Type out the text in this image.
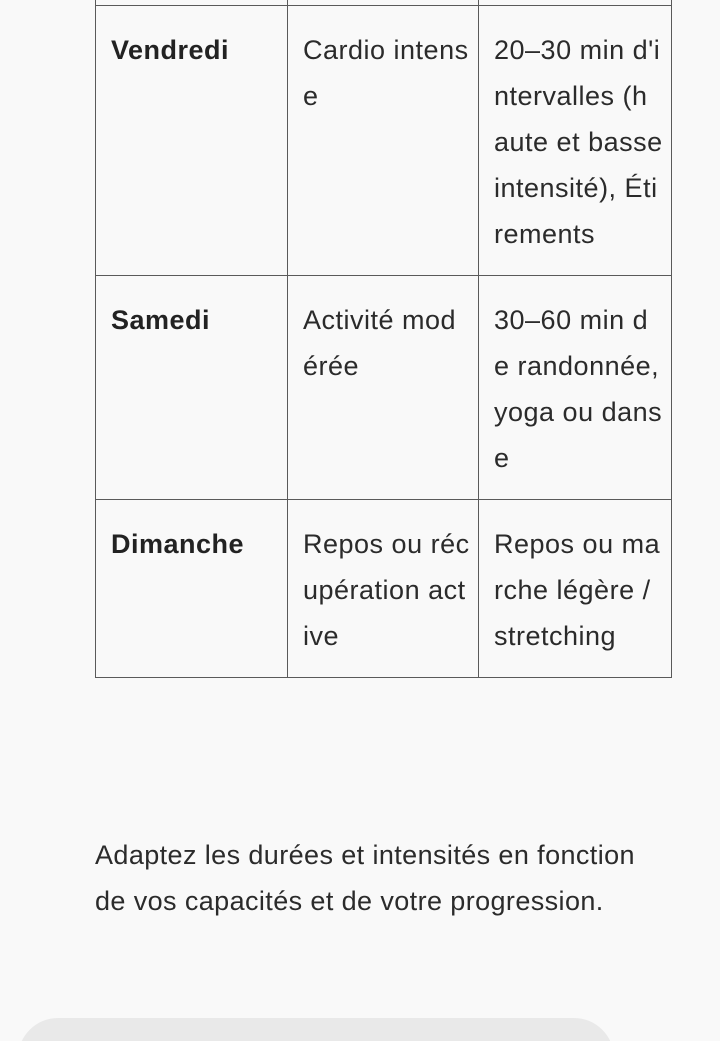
Vendredi	Cardio intense	20–30 min d'intervalles (haute et basse intensité), Étirements
Samedi	Activité modérée	30–60 min de randonnée, yoga ou danse
Dimanche	Repos ou récupération active	Repos ou marche légère / stretching

Adaptez les durées et intensités en fonction de vos capacités et de votre progression.
